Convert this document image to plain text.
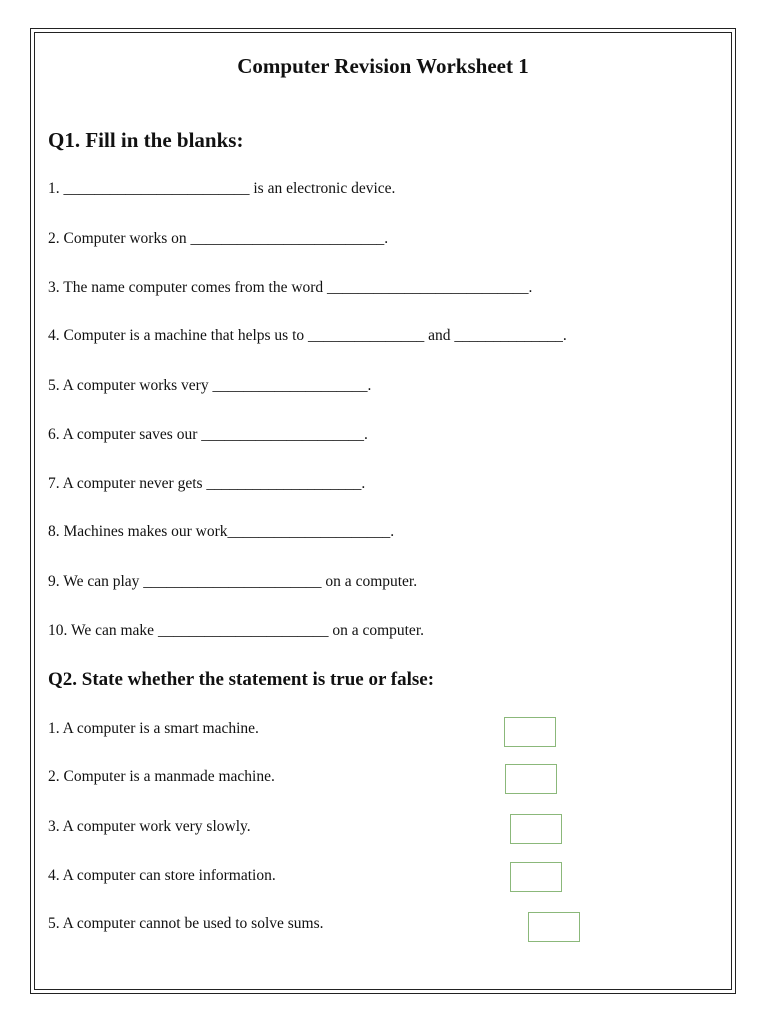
Computer Revision Worksheet 1
Q1. Fill in the blanks:
1. ________________________ is an electronic device.
2. Computer works on _________________________.
3. The name computer comes from the word __________________________.
4. Computer is a machine that helps us to _______________ and ______________.
5. A computer works very ____________________.
6. A computer saves our _____________________.
7. A computer never gets ____________________.
8. Machines makes our work_____________________.
9. We can play _______________________ on a computer.
10. We can make ______________________ on a computer.
Q2. State whether the statement is true or false:
1. A computer is a smart machine.
2. Computer is a manmade machine.
3. A computer work very slowly.
4. A computer can store information.
5. A computer cannot be used to solve sums.
